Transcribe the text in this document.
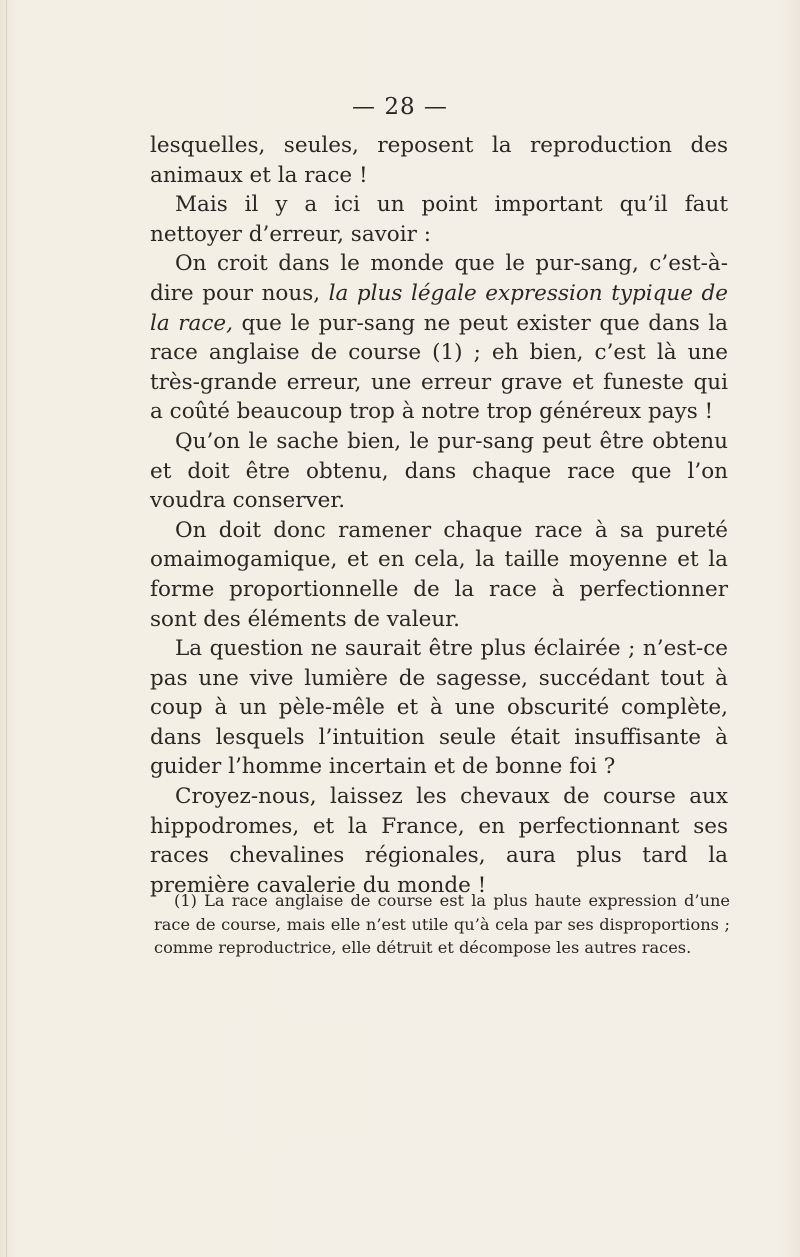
— 28 —

lesquelles, seules, reposent la reproduction des animaux et la race !

Mais il y a ici un point important qu’il faut nettoyer d’erreur, savoir :

On croit dans le monde que le pur-sang, c’est-à-dire pour nous, la plus légale expression typique de la race, que le pur-sang ne peut exister que dans la race anglaise de course (1) ; eh bien, c’est là une très-grande erreur, une erreur grave et funeste qui a coûté beaucoup trop à notre trop généreux pays !

Qu’on le sache bien, le pur-sang peut être obtenu et doit être obtenu, dans chaque race que l’on voudra conserver.

On doit donc ramener chaque race à sa pureté omaimogamique, et en cela, la taille moyenne et la forme proportionnelle de la race à perfectionner sont des éléments de valeur.

La question ne saurait être plus éclairée ; n’est-ce pas une vive lumière de sagesse, succédant tout à coup à un pèle-mêle et à une obscurité complète, dans lesquels l’intuition seule était insuffisante à guider l’homme incertain et de bonne foi ?

Croyez-nous, laissez les chevaux de course aux hippodromes, et la France, en perfectionnant ses races chevalines régionales, aura plus tard la première cavalerie du monde !

(1) La race anglaise de course est la plus haute expression d’une race de course, mais elle n’est utile qu’à cela par ses disproportions ; comme reproductrice, elle détruit et décompose les autres races.
